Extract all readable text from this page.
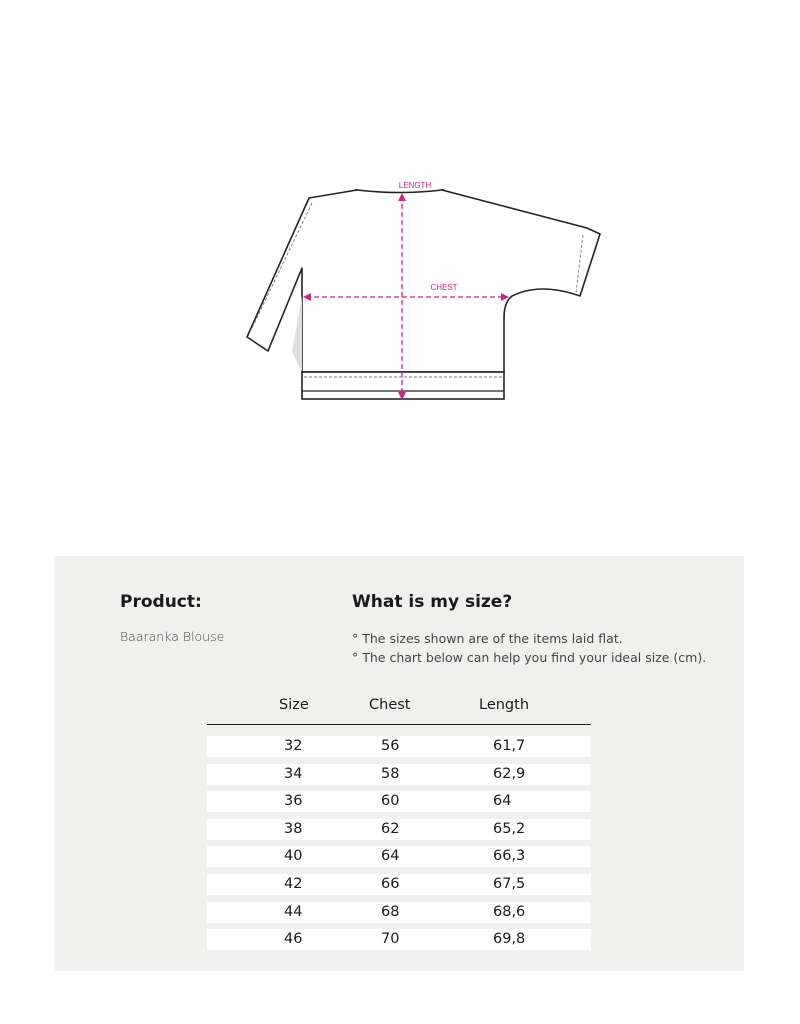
LENGTH
CHEST
Product:
Baaranka Blouse
What is my size?
° The sizes shown are of the items laid flat.
° The chart below can help you find your ideal size (cm).
Size	Chest	Length
32	56	61,7
34	58	62,9
36	60	64
38	62	65,2
40	64	66,3
42	66	67,5
44	68	68,6
46	70	69,8
